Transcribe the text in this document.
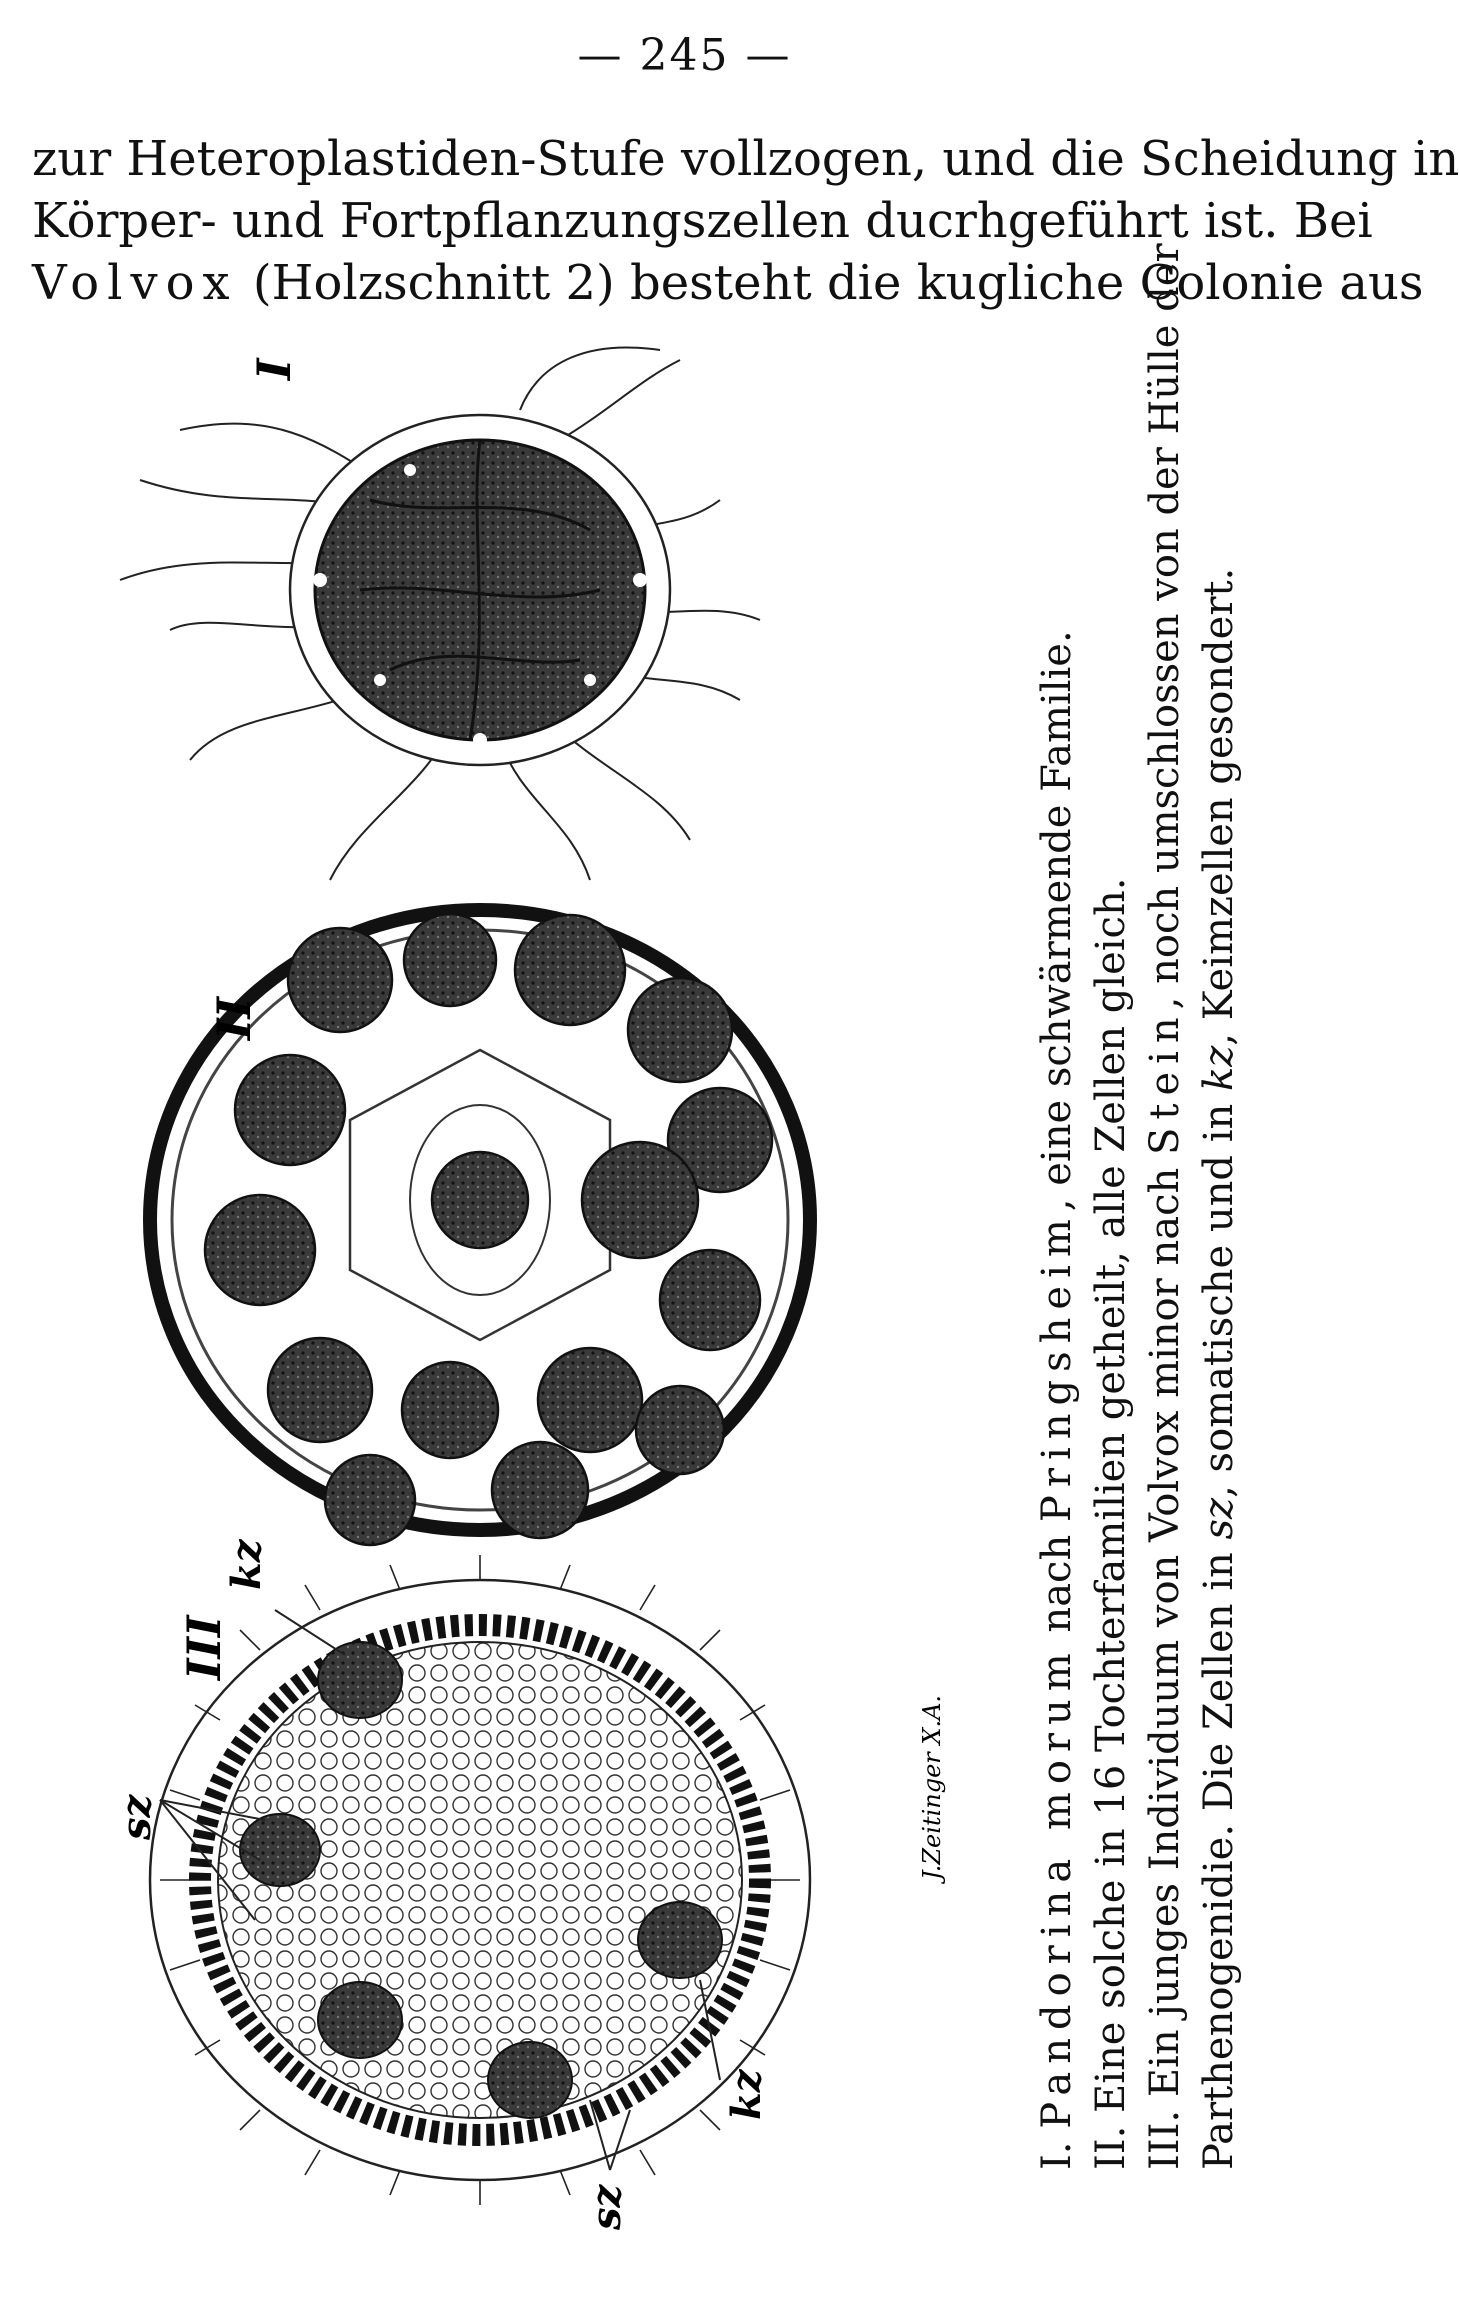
— 245 —
zur Heteroplastiden-Stufe vollzogen, und die Scheidung in
Körper- und Fortpflanzungszellen ducrhgeführt ist. Bei
Volvox (Holzschnitt 2) besteht die kugliche Colonie aus
I
II
kz
III
sz
sz
kz
J.Zeitinger X.A.
I. Pandorina morum nach Pringsheim, eine schwärmende Familie. II. Eine solche in 16 Tochterfamilien getheilt, alle Zellen gleich. III. Ein junges Individuum von Volvox minor nach Stein, noch umschlossen von der Hülle der
Parthenogenidie. Die Zellen in sz, somatische und in kz, Keimzellen gesondert.
